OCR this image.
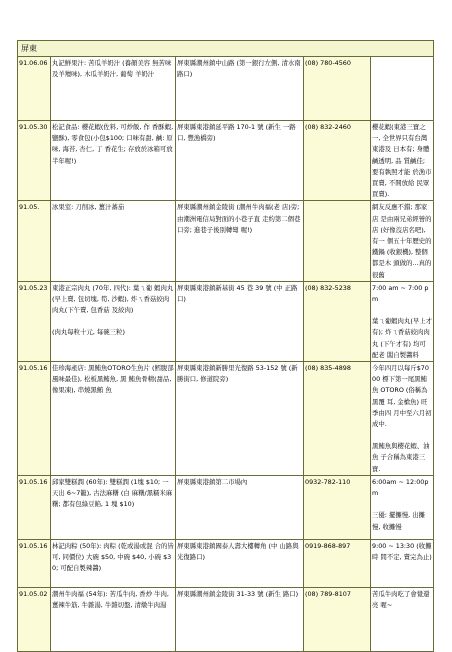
屏東
91.06.06	丸記鮮果汁: 苦瓜羊奶汁 (養顏美容 無苦味及羊羶味), 木瓜羊奶汁, 葡萄 羊奶汁	屏東縣潮州鎮中山路 (第一銀行左側, 清水南路口)	(08) 780-4560	

91.05.30	松記食品: 櫻花蝦(佐料, 可炒飯, 作 香酥蝦, 鹽酥), 零食包(小包$100; 口味有甜, 鹹: 原味, 海苔, 杏仁, 丁 香花生; 存放於冰箱可放半年喔!)	屏東縣東港鎮延平路 170-1 號 (新生 一路口, 豐漁橋旁)	(08) 832-2460	櫻花蝦(東港三寶之一, 全世界只有台灣東港及 日本有; 身體鹹透明, 品 質鹹佳; 要有執照才能 於漁市買賣, 不開放給 民眾買賣).

91.05.	冰果室: 刀削冰, 薑汁蕃茄	屏東縣潮州鎮金陵街 (潮州牛肉福(老 店)旁; 由潮洲電信局對面的小巷子直 走約第二個巷口旁; 進巷子後別轉彎 喔!)		網友反應不錯; 那家店 是由兩兄弟經營的店 (好像沒店名吧), 有一 個五十年歷史的鐵鍋 (收銀機), 整個都是木 頭做的...真的很舊

91.05.23	東港正宗肉丸 (70年, 四代): 葉ㄟ葡 蝦肉丸(早上賣, 包切塊, 筍, 沙蝦), 炸ㄟ香菇絞肉肉丸(下午賣, 包香菇 及絞肉)
(肉丸每粒十元, 每碗三粒)	屏東縣東港鎮新基街 45 巷 39 號 (中 正路口)	(08) 832-5238	7:00 am ~ 7:00 pm
葉ㄟ葡蝦肉丸(早上才 有); 炸ㄟ香菇絞肉肉丸 (下午才有) 均可配老 闆自製醬料

91.05.16	佳珍海產店: 黑鮪魚OTORO生魚片 (鱈腹部風味最佳), 松板黑鮪魚, 黑 鮪魚骨精(甜品, 像果凍), 串燒黑鮪 魚	屏東縣東港鎮新勝里光復路 53-152 號 (新勝街口, 修道院旁)	(08) 835-4898	今年四月以每斤$7000 標下第一尾黑鮪魚 OTORO (俗稱為黑覆 耳, 金槍魚) 旺季由四 月中至六月初成中.
黑鮪魚與櫻花蝦、油魚 子合稱為東港三寶.

91.05.16	邱家雙糕潤 (60年): 雙糕潤 (1塊 $10; 一天出 6~7籠), 古法麻糬 (白 麻糬/黑糯米麻糬; 都有包綠豆餡, 1 塊 $10)	屏東縣東港鎮第二市場內	0932-782-110	6:00am ~ 12:00pm
三優: 擺攤慢, 出攤慢, 收攤慢

91.05.16	林記肉粽 (50年): 肉粽 (乾或湯或混 合的皆可, 同價位) 大碗 $50, 中碗 $40, 小碗 $30; 可配自製辣醬)	屏東縣東港鎮國泰人壽大樓轉角 (中 山路與光復路口)	0919-868-897	9:00 ~ 13:30 (收攤時 間不定, 賣完為止)

91.05.02	潮州牛肉福 (54年): 苦瓜牛肉, 香炒 牛肉, 薑辣牛筋, 牛雜湯, 牛雜切盤, 清燉牛肉湯	屏東縣潮州鎮金陵街 31-33 號 (新生 路口)	(08) 789-8107	苦瓜牛肉吃了會覺還亮 喔~
